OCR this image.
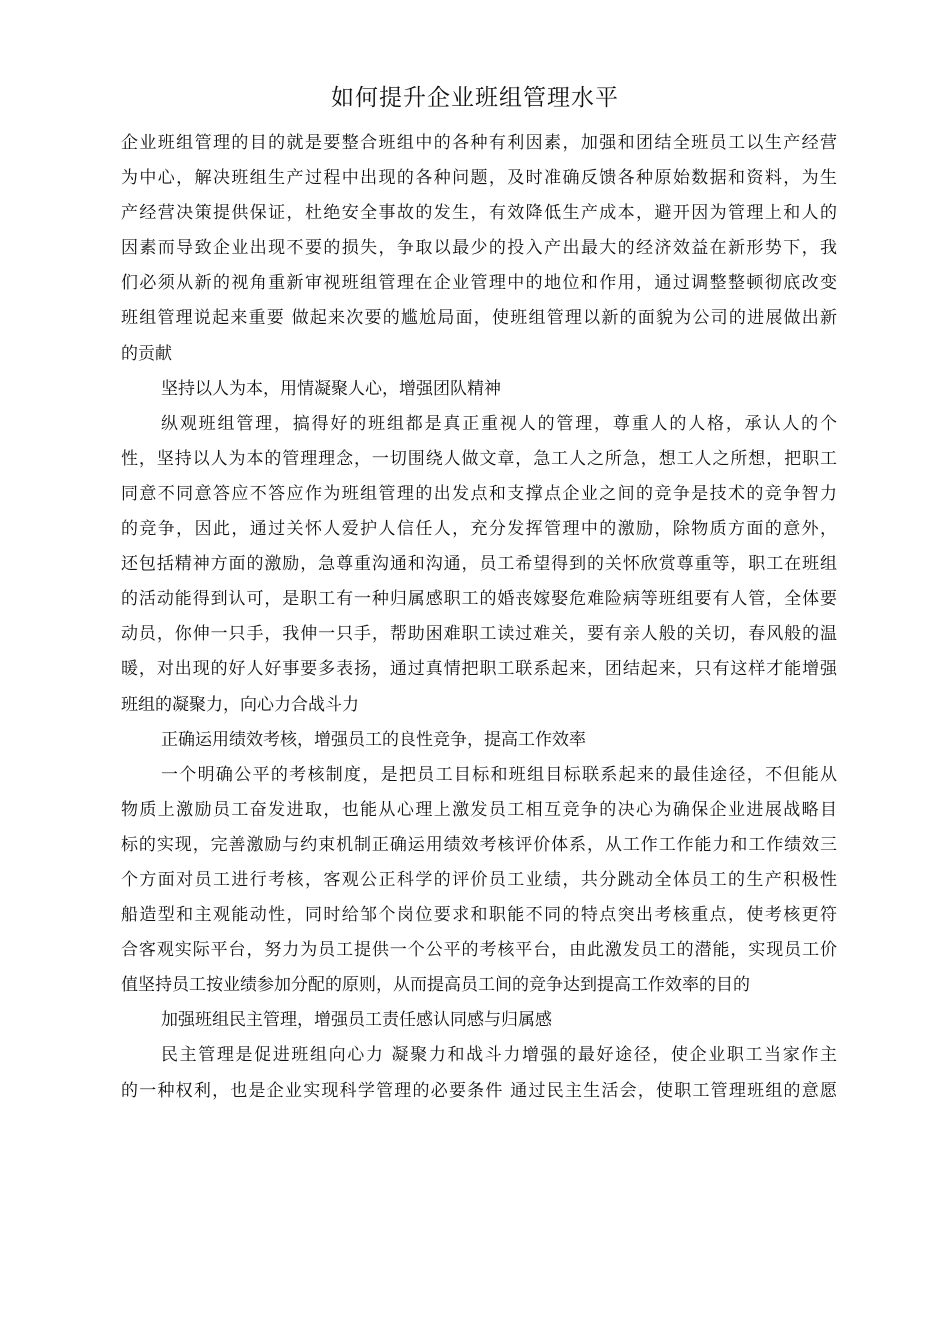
如何提升企业班组管理水平
企业班组管理的目的就是要整合班组中的各种有利因素，加强和团结全班员工以生产经营
为中心，解决班组生产过程中出现的各种问题，及时准确反馈各种原始数据和资料，为生
产经营决策提供保证，杜绝安全事故的发生，有效降低生产成本，避开因为管理上和人的
因素而导致企业出现不要的损失，争取以最少的投入产出最大的经济效益在新形势下，我
们必须从新的视角重新审视班组管理在企业管理中的地位和作用，通过调整整顿彻底改变
班组管理说起来重要 做起来次要的尴尬局面，使班组管理以新的面貌为公司的进展做出新
的贡献
坚持以人为本，用情凝聚人心，增强团队精神
纵观班组管理，搞得好的班组都是真正重视人的管理，尊重人的人格，承认人的个
性，坚持以人为本的管理理念，一切围绕人做文章，急工人之所急，想工人之所想，把职工
同意不同意答应不答应作为班组管理的出发点和支撑点企业之间的竞争是技术的竞争智力
的竞争，因此，通过关怀人爱护人信任人，充分发挥管理中的激励，除物质方面的意外，
还包括精神方面的激励，急尊重沟通和沟通，员工希望得到的关怀欣赏尊重等，职工在班组
的活动能得到认可，是职工有一种归属感职工的婚丧嫁娶危难险病等班组要有人管，全体要
动员，你伸一只手，我伸一只手，帮助困难职工读过难关，要有亲人般的关切，春风般的温
暖，对出现的好人好事要多表扬，通过真情把职工联系起来，团结起来，只有这样才能增强
班组的凝聚力，向心力合战斗力
正确运用绩效考核，增强员工的良性竞争，提高工作效率
一个明确公平的考核制度，是把员工目标和班组目标联系起来的最佳途径，不但能从
物质上激励员工奋发进取，也能从心理上激发员工相互竞争的决心为确保企业进展战略目
标的实现，完善激励与约束机制正确运用绩效考核评价体系，从工作工作能力和工作绩效三
个方面对员工进行考核，客观公正科学的评价员工业绩，共分跳动全体员工的生产积极性
船造型和主观能动性，同时给邹个岗位要求和职能不同的特点突出考核重点，使考核更符
合客观实际平台，努力为员工提供一个公平的考核平台，由此激发员工的潜能，实现员工价
值坚持员工按业绩参加分配的原则，从而提高员工间的竞争达到提高工作效率的目的
加强班组民主管理，增强员工责任感认同感与归属感
民主管理是促进班组向心力 凝聚力和战斗力增强的最好途径，使企业职工当家作主
的一种权利，也是企业实现科学管理的必要条件 通过民主生活会，使职工管理班组的意愿
